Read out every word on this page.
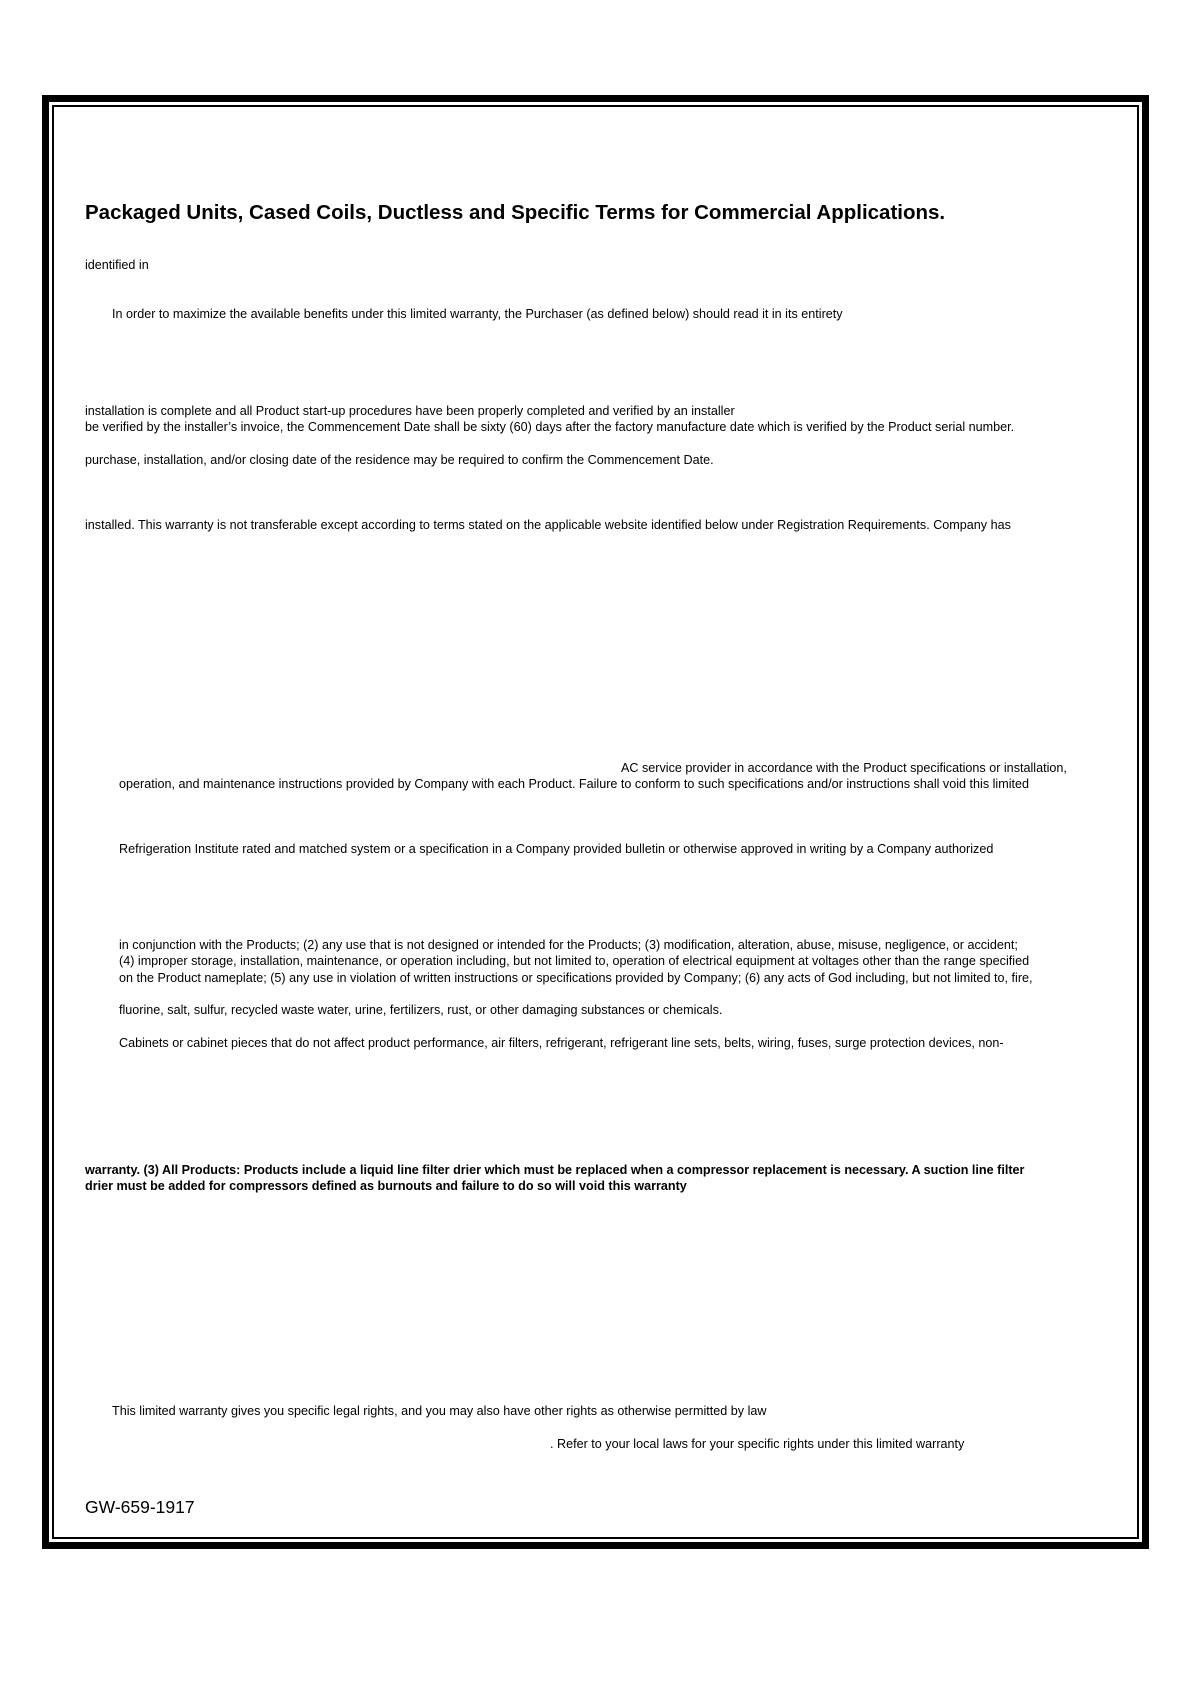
Packaged Units, Cased Coils, Ductless and Specific Terms for Commercial Applications.

identified in

In order to maximize the available benefits under this limited warranty, the Purchaser (as defined below) should read it in its entirety

installation is complete and all Product start-up procedures have been properly completed and verified by an installer

be verified by the installer’s invoice, the Commencement Date shall be sixty (60) days after the factory manufacture date which is verified by the Product serial number.

purchase, installation, and/or closing date of the residence may be required to confirm the Commencement Date.

installed. This warranty is not transferable except according to terms stated on the applicable website identified below under Registration Requirements. Company has

AC service provider in accordance with the Product specifications or installation,

operation, and maintenance instructions provided by Company with each Product. Failure to conform to such specifications and/or instructions shall void this limited

Refrigeration Institute rated and matched system or a specification in a Company provided bulletin or otherwise approved in writing by a Company authorized

in conjunction with the Products; (2) any use that is not designed or intended for the Products; (3) modification, alteration, abuse, misuse, negligence, or accident;

(4) improper storage, installation, maintenance, or operation including, but not limited to, operation of electrical equipment at voltages other than the range specified

on the Product nameplate; (5) any use in violation of written instructions or specifications provided by Company; (6) any acts of God including, but not limited to, fire,

fluorine, salt, sulfur, recycled waste water, urine, fertilizers, rust, or other damaging substances or chemicals.

Cabinets or cabinet pieces that do not affect product performance, air filters, refrigerant, refrigerant line sets, belts, wiring, fuses, surge protection devices, non-

warranty. (3) All Products: Products include a liquid line filter drier which must be replaced when a compressor replacement is necessary. A suction line filter

drier must be added for compressors defined as burnouts and failure to do so will void this warranty

This limited warranty gives you specific legal rights, and you may also have other rights as otherwise permitted by law

. Refer to your local laws for your specific rights under this limited warranty

GW-659-1917
